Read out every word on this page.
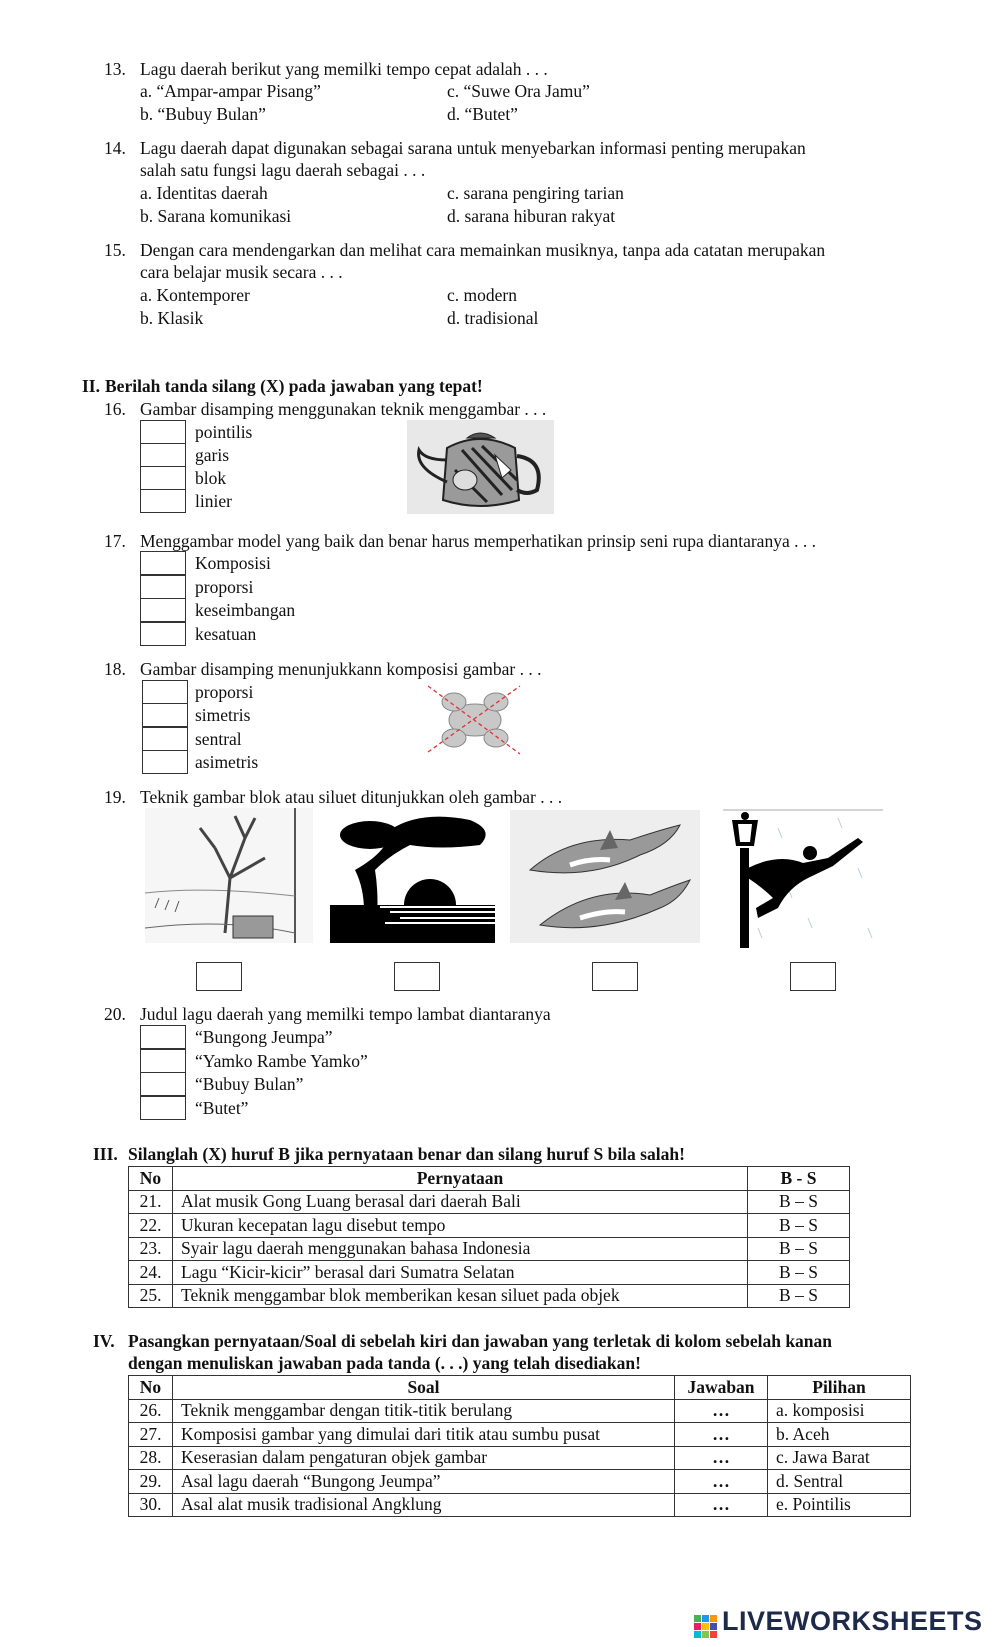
13. Lagu daerah berikut yang memilki tempo cepat adalah . . .
a. “Ampar-ampar Pisang”	c. “Suwe Ora Jamu”
b. “Bubuy Bulan”	d. “Butet”
14. Lagu daerah dapat digunakan sebagai sarana untuk menyebarkan informasi penting merupakan
salah satu fungsi lagu daerah sebagai . . .
a. Identitas daerah	c. sarana pengiring tarian
b. Sarana komunikasi	d. sarana hiburan rakyat
15. Dengan cara mendengarkan dan melihat cara memainkan musiknya, tanpa ada catatan merupakan
cara belajar musik secara . . .
a. Kontemporer	c. modern
b. Klasik	d. tradisional
II. Berilah tanda silang (X) pada jawaban yang tepat!
16. Gambar disamping menggunakan teknik menggambar . . .
pointilis
garis
blok
linier
17. Menggambar model yang baik dan benar harus memperhatikan prinsip seni rupa diantaranya . . .
Komposisi
proporsi
keseimbangan
kesatuan
18. Gambar disamping menunjukkann komposisi gambar . . .
proporsi
simetris
sentral
asimetris
19. Teknik gambar blok atau siluet ditunjukkan oleh gambar . . .
20. Judul lagu daerah yang memilki tempo lambat diantaranya
“Bungong Jeumpa”
“Yamko Rambe Yamko”
“Bubuy Bulan”
“Butet”
III. Silanglah (X) huruf B jika pernyataan benar dan silang huruf S bila salah!
No	Pernyataan	B - S
21.	Alat musik Gong Luang berasal dari daerah Bali	B – S
22.	Ukuran kecepatan lagu disebut tempo	B – S
23.	Syair lagu daerah menggunakan bahasa Indonesia	B – S
24.	Lagu “Kicir-kicir” berasal dari Sumatra Selatan	B – S
25.	Teknik menggambar blok memberikan kesan siluet pada objek	B – S
IV. Pasangkan pernyataan/Soal di sebelah kiri dan jawaban yang terletak di kolom sebelah kanan
dengan menuliskan jawaban pada tanda (. . .) yang telah disediakan!
No	Soal	Jawaban	Pilihan
26.	Teknik menggambar dengan titik-titik berulang	…	a. komposisi
27.	Komposisi gambar yang dimulai dari titik atau sumbu pusat	…	b. Aceh
28.	Keserasian dalam pengaturan objek gambar	…	c. Jawa Barat
29.	Asal lagu daerah “Bungong Jeumpa”	…	d. Sentral
30.	Asal alat musik tradisional Angklung	…	e. Pointilis
LIVEWORKSHEETS
